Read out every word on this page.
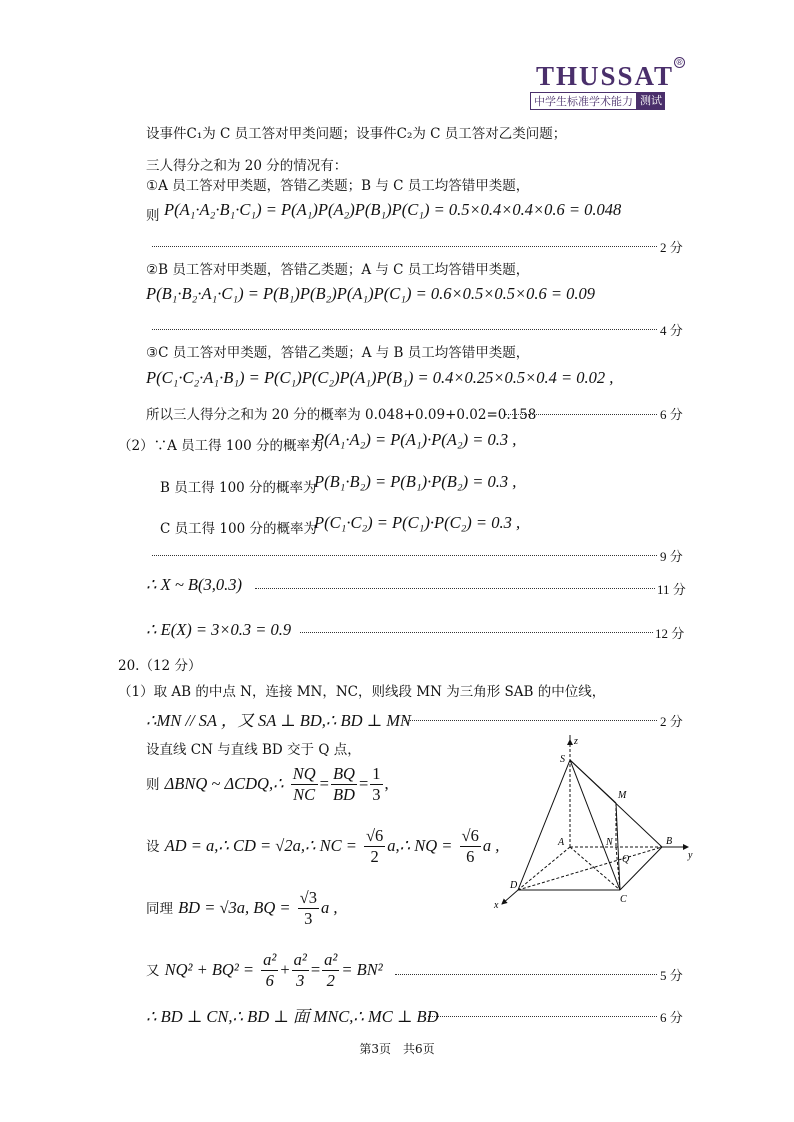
THUSSAT
中学生标准学术能力 测试
®
设事件C₁为 C 员工答对甲类问题；设事件C₂为 C 员工答对乙类问题；
三人得分之和为 20 分的情况有：
①A 员工答对甲类题，答错乙类题；B 与 C 员工均答错甲类题，
则 P(A₁·A₂·B₁·C₁) = P(A₁)P(A₂)P(B₁)P(C₁) = 0.5×0.4×0.4×0.6 = 0.048
2 分
②B 员工答对甲类题，答错乙类题；A 与 C 员工均答错甲类题，
P(B₁·B₂·A₁·C₁) = P(B₁)P(B₂)P(A₁)P(C₁) = 0.6×0.5×0.5×0.6 = 0.09
4 分
③C 员工答对甲类题，答错乙类题；A 与 B 员工均答错甲类题，
P(C₁·C₂·A₁·B₁) = P(C₁)P(C₂)P(A₁)P(B₁) = 0.4×0.25×0.5×0.4 = 0.02 ,
所以三人得分之和为 20 分的概率为 0.048+0.09+0.02=0.158	6 分
（2）∵A 员工得 100 分的概率为
P(A₁·A₂) = P(A₁)·P(A₂) = 0.3 ,
B 员工得 100 分的概率为
P(B₁·B₂) = P(B₁)·P(B₂) = 0.3 ,
C 员工得 100 分的概率为
P(C₁·C₂) = P(C₁)·P(C₂) = 0.3 ,
9 分
∴ X ~ B(3,0.3)	11 分
∴ E(X) = 3×0.3 = 0.9	12 分
20.（12 分）
（1）取 AB 的中点 N，连接 MN，NC，则线段 MN 为三角形 SAB 的中位线，
∴MN // SA ，又 SA ⊥ BD,∴ BD ⊥ MN	2 分
设直线 CN 与直线 BD 交于 Q 点，
则 ΔBNQ ~ ΔCDQ,∴ $\frac{NQ}{NC} = \frac{BQ}{BD} = \frac{1}{3}$ ,
设 AD = a,∴ CD = √2a,∴ NC = $\frac{√6}{2}$ a,∴ NQ = $\frac{√6}{6}$ a ,
同理 BD = √3a, BQ = $\frac{√3}{3}$ a ,
又 $NQ^2 + BQ^2 = \frac{\text{a²}}{6} + \frac{\text{a²}}{3} = \frac{\text{a²}}{2} = BN^2$	5 分
∴ BD ⊥ CN,∴ BD ⊥ 面 MNC,∴ MC ⊥ BD	6 分
z
S
M
A	N
Q
B
y
D
C
x
第3页　共6页
